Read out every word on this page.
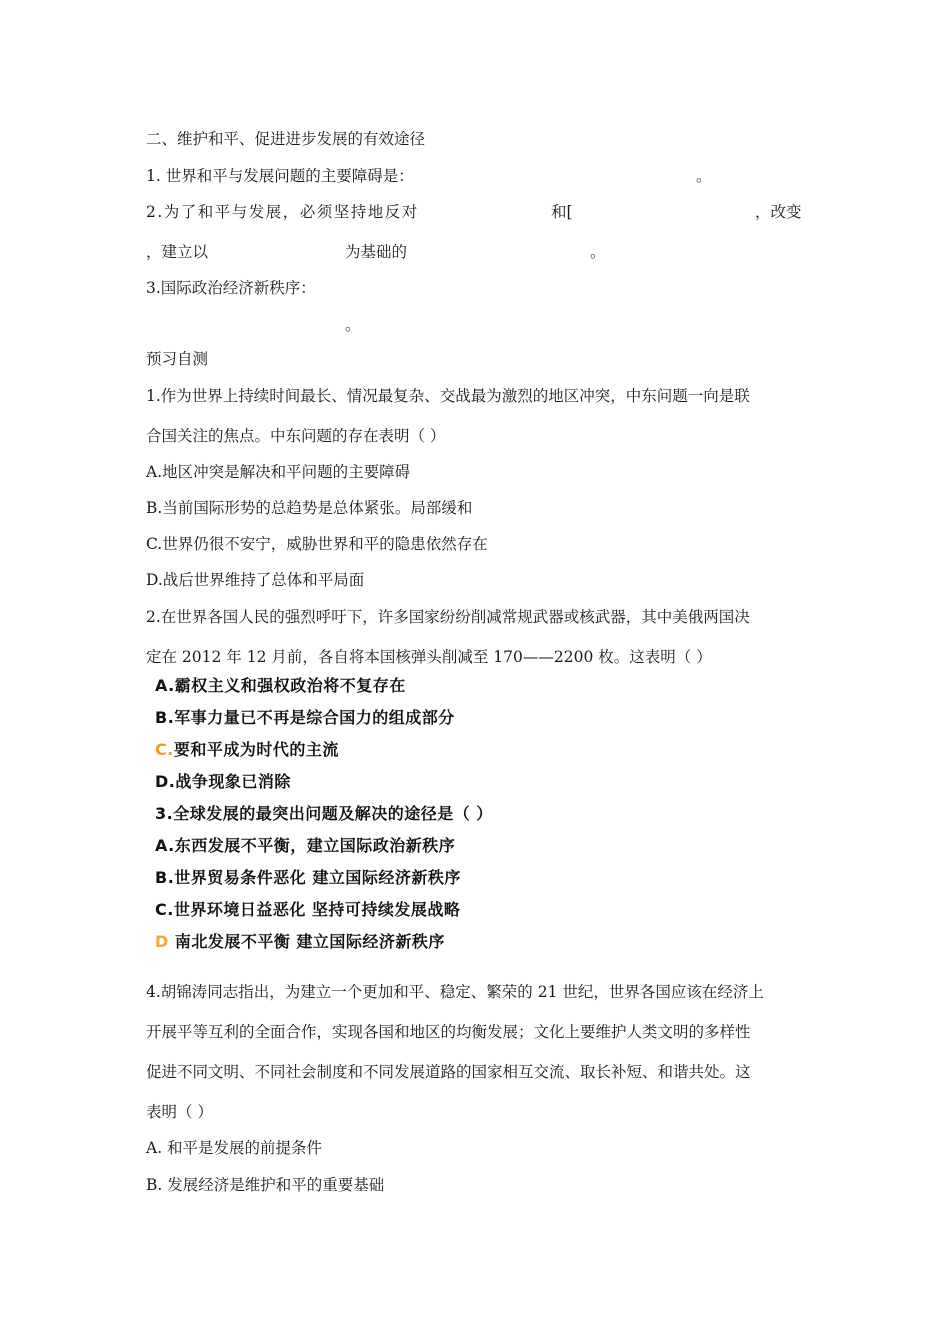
二、维护和平、促进进步发展的有效途径
1. 世界和平与发展问题的主要障碍是：	。
2.为了和平与发展，必须坚持地反对	和[	，改变
，建立以	为基础的	。
3.国际政治经济新秩序：
。
预习自测
1.作为世界上持续时间最长、情况最复杂、交战最为激烈的地区冲突，中东问题一向是联
合国关注的焦点。中东问题的存在表明（ ）
A.地区冲突是解决和平问题的主要障碍
B.当前国际形势的总趋势是总体紧张。局部缓和
C.世界仍很不安宁，威胁世界和平的隐患依然存在
D.战后世界维持了总体和平局面
2.在世界各国人民的强烈呼吁下，许多国家纷纷削减常规武器或核武器，其中美俄两国决
定在 2012 年 12 月前，各自将本国核弹头削减至 170——2200 枚。这表明（ ）
A.霸权主义和强权政治将不复存在
B.军事力量已不再是综合国力的组成部分
C.要和平成为时代的主流
D.战争现象已消除
3.全球发展的最突出问题及解决的途径是（ ）
A.东西发展不平衡，建立国际政治新秩序
B.世界贸易条件恶化 建立国际经济新秩序
C.世界环境日益恶化 坚持可持续发展战略
D 南北发展不平衡 建立国际经济新秩序
4.胡锦涛同志指出，为建立一个更加和平、稳定、繁荣的 21 世纪，世界各国应该在经济上
开展平等互利的全面合作，实现各国和地区的均衡发展；文化上要维护人类文明的多样性
促进不同文明、不同社会制度和不同发展道路的国家相互交流、取长补短、和谐共处。这
表明（ ）
A. 和平是发展的前提条件
B. 发展经济是维护和平的重要基础
